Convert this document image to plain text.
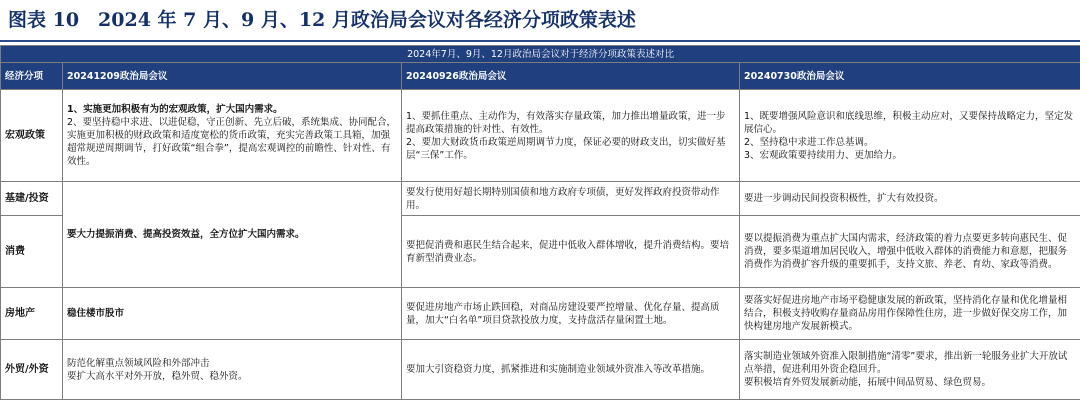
图表 10　2024 年 7 月、9 月、12 月政治局会议对各经济分项政策表述
2024年7月、9月、12月政治局会议对于经济分项政策表述对比			
经济分项	20241209政治局会议	20240926政治局会议	20240730政治局会议
宏观政策	1、实施更加积极有为的宏观政策，扩大国内需求。
2、要坚持稳中求进、以进促稳，守正创新、先立后破，系统集成、协同配合，实施更加积极的财政政策和适度宽松的货币政策，充实完善政策工具箱，加强超常规逆周期调节，打好政策“组合拳”，提高宏观调控的前瞻性、针对性、有效性。	1、要抓住重点、主动作为，有效落实存量政策，加力推出增量政策，进一步提高政策措施的针对性、有效性。
2、要加大财政货币政策逆周期调节力度，保证必要的财政支出，切实做好基层“三保”工作。	1、既要增强风险意识和底线思维，积极主动应对，又要保持战略定力，坚定发展信心。
2、坚持稳中求进工作总基调。
3、宏观政策要持续用力、更加给力。

基建/投资	要大力提振消费、提高投资效益，全方位扩大国内需求。	要发行使用好超长期特别国债和地方政府专项债，更好发挥政府投资带动作用。	要进一步调动民间投资积极性，扩大有效投资。
消费		要把促消费和惠民生结合起来，促进中低收入群体增收，提升消费结构。要培育新型消费业态。	要以提振消费为重点扩大国内需求，经济政策的着力点要更多转向惠民生、促消费，要多渠道增加居民收入，增强中低收入群体的消费能力和意愿，把服务消费作为消费扩容升级的重要抓手，支持文旅、养老、育幼、家政等消费。
房地产	稳住楼市股市	要促进房地产市场止跌回稳，对商品房建设要严控增量、优化存量、提高质量，加大“白名单”项目贷款投放力度，支持盘活存量闲置土地。	要落实好促进房地产市场平稳健康发展的新政策，坚持消化存量和优化增量相结合，积极支持收购存量商品房用作保障性住房，进一步做好保交房工作，加快构建房地产发展新模式。
外贸/外资	防范化解重点领域风险和外部冲击
要扩大高水平对外开放，稳外贸、稳外资。	要加大引资稳资力度，抓紧推进和实施制造业领域外资准入等改革措施。	落实制造业领域外资准入限制措施“清零”要求，推出新一轮服务业扩大开放试点举措，促进利用外资企稳回升。
要积极培育外贸发展新动能，拓展中间品贸易、绿色贸易。
